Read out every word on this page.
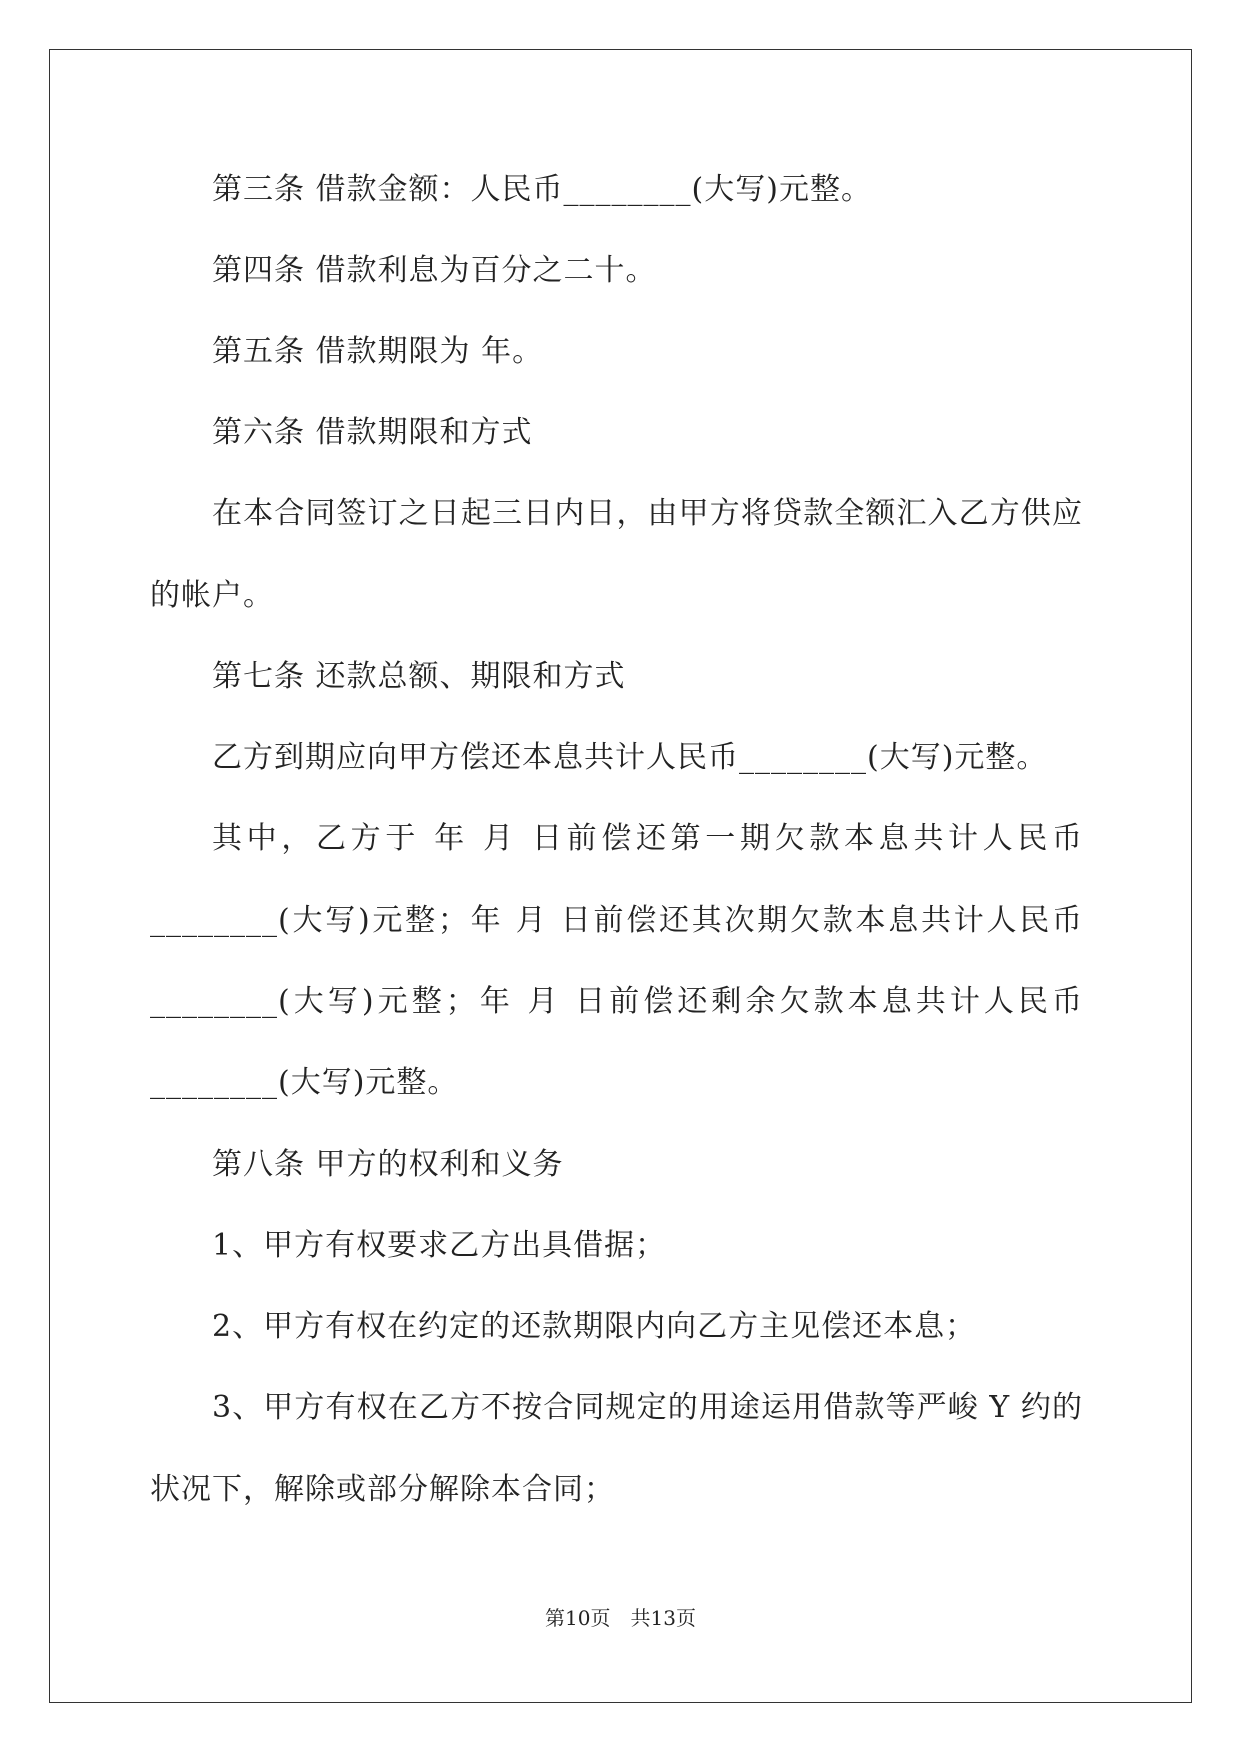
第三条 借款金额：人民币________(大写)元整。
第四条 借款利息为百分之二十。
第五条 借款期限为 年。
第六条 借款期限和方式
在本合同签订之日起三日内日，由甲方将贷款全额汇入乙方供应
的帐户。
第七条 还款总额、期限和方式
乙方到期应向甲方偿还本息共计人民币________(大写)元整。
其中，乙方于 年 月 日前偿还第一期欠款本息共计人民币
________(大写)元整；年 月 日前偿还其次期欠款本息共计人民币
________(大写)元整；年 月 日前偿还剩余欠款本息共计人民币
________(大写)元整。
第八条 甲方的权利和义务
1、甲方有权要求乙方出具借据；
2、甲方有权在约定的还款期限内向乙方主见偿还本息；
3、甲方有权在乙方不按合同规定的用途运用借款等严峻 Y 约的
状况下，解除或部分解除本合同；
第10页　共13页
